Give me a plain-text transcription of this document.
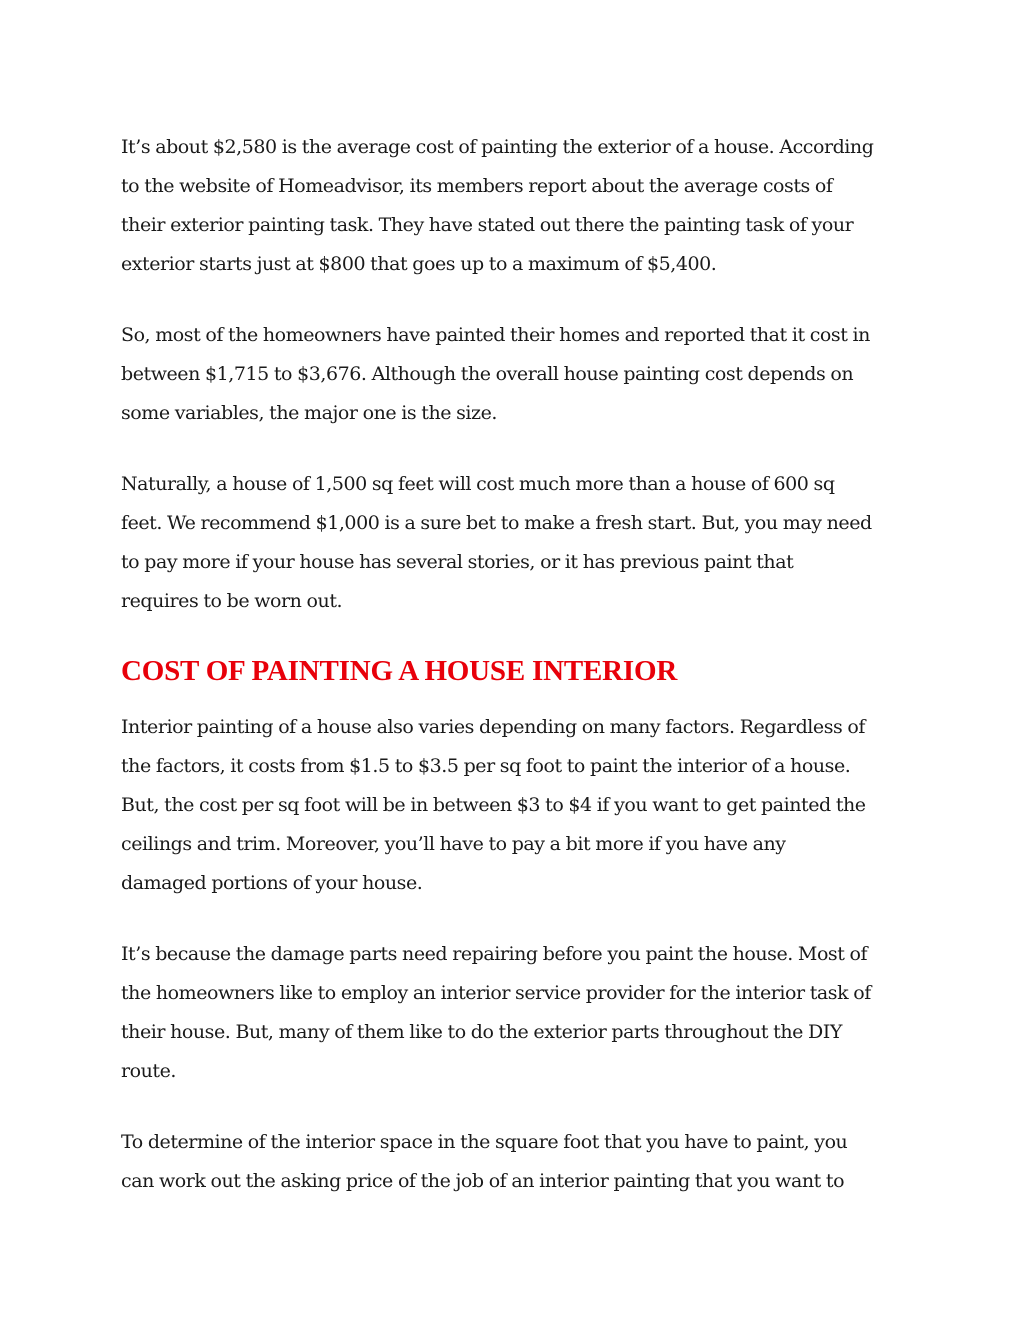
It’s about $2,580 is the average cost of painting the exterior of a house. According
to the website of Homeadvisor, its members report about the average costs of
their exterior painting task. They have stated out there the painting task of your
exterior starts just at $800 that goes up to a maximum of $5,400.
So, most of the homeowners have painted their homes and reported that it cost in
between $1,715 to $3,676. Although the overall house painting cost depends on
some variables, the major one is the size.
Naturally, a house of 1,500 sq feet will cost much more than a house of 600 sq
feet. We recommend $1,000 is a sure bet to make a fresh start. But, you may need
to pay more if your house has several stories, or it has previous paint that
requires to be worn out.
COST OF PAINTING A HOUSE INTERIOR
Interior painting of a house also varies depending on many factors. Regardless of
the factors, it costs from $1.5 to $3.5 per sq foot to paint the interior of a house.
But, the cost per sq foot will be in between $3 to $4 if you want to get painted the
ceilings and trim. Moreover, you’ll have to pay a bit more if you have any
damaged portions of your house.
It’s because the damage parts need repairing before you paint the house. Most of
the homeowners like to employ an interior service provider for the interior task of
their house. But, many of them like to do the exterior parts throughout the DIY
route.
To determine of the interior space in the square foot that you have to paint, you
can work out the asking price of the job of an interior painting that you want to
